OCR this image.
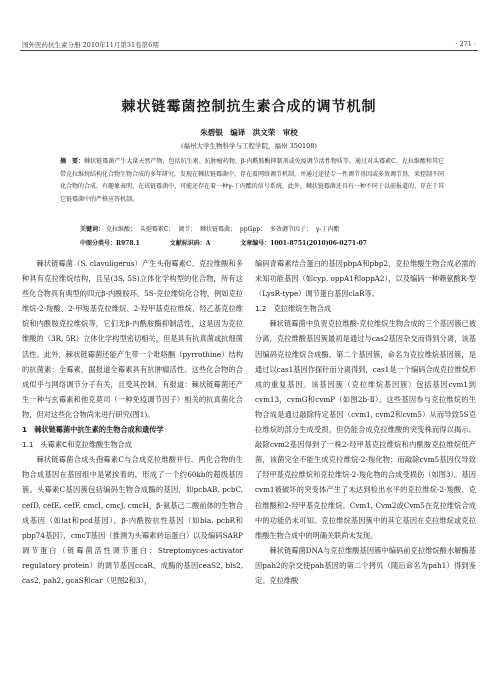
国外医药抗生素分册 2010年11月第31卷第6期	· 271 ·
棘状链霉菌控制抗生素合成的调节机制
朱碧银　编译　洪文荣　审校
(福州大学生物科学与工程学院，福州 350108)
摘　要：棘状链霉菌产生大量天然产物，包括抗生素、抗肿瘤药物、β-内酰胺酶抑制剂或免疫调节活性物质等。通过对头霉素C、克拉维酸和其它带克拉维烷结构化合物生物合成的多年研究，发现在棘状链霉菌中，存在着网络调节机制，并通过途径专一性调节基因或多效调节基，来控制不同化合物的合成，有趣象表明，在该链霉菌中，可能还存在着一种γ-丁内酯的信号系统，此外，棘状链霉菌还具有一种不同于以前报道的、存在于其它链霉菌中的严格应答机制。
关键词： 克拉维酸； 头孢霉素C； 调节； 棘状链霉菌； ppGpp； 多效调节因子； γ-丁内酯
中图分类号：R978.1	文献标识码：A	文章编号：1001-8751(2010)06-0271-07

棘状链霉菌（S. clavuligerus）产生头孢霉素C、克拉维酸和多种具有克拉维烷结构，且呈(3S, 5S)立体化学构型的化合物，所有这些化合物具有典型的四元β-内酰胺环。5S-克拉维烷化合物，例如克拉维烷-2-羧酸、2-甲羧基克拉维烷、2-羟甲基克拉维烷、羟乙基克拉维烷和内酰胺克拉维烷等，它们无β-内酰胺酶抑制活性，这是因为克拉维酸的（3R, 5R）立体化学构型密切相关，但是具有抗真菌或抗细菌活性。此外，棘状链霉菌还能产生带一个吡咯酮（pyrrothine）结构的抗菌素：全霉素，据报道全霉素具有抗肿瘤活性。这些化合物的合成似乎与网络调节分子有关，且受其控制。有报道：棘状链霉菌还产生一种与玄霉素和他克莫司（一种免疫调节因子）相关的抗真菌化合物，但对这些化合物尚未进行研究(图1)。

1　棘状链霉菌中抗生素的生物合成和遗传学

1.1　头霉素C和克拉维酸生物合成

棘状链霉菌合成头孢霉素C与合成克拉维酸并行。两化合物的生物合成基因在基因组中是紧挨着的，形成了一个约60kb的超级基因簇。头霉素C基因簇包括编码生物合成酶的基因，如pcbAB, pcbC, cefD, cefE, cefF, cmcI, cmcJ, cmcH，β-氨基己二酸前体的生物合成基因（如lat和pcd基因），β-内酰胺抗性基因（如bla, pcbR和pbp74基因），cmcT基因（推测为头霉素转运蛋白）以及编码SARP调节蛋白（链霉菌活性调节蛋白：Streptomyces-activator regulatory protein）的调节基因ccaR。成酶的基因ceaS2, bls2, cas2, pah2, gcaS和car（见图2和3），

编码青霉素结合蛋白的基因pbpA和pbp2，克拉维酸生物合成必需的未知功能基因（如cyp, oppA1和oppA2），以及编码一种赖氨酸R-型（LysR-type）调节蛋白基因claR等。

1.2　克拉维烷生物合成

棘状链霉菌中负责克拉维酸-克拉维烷生物合成的三个基因簇已被分离，克拉维酸基因簇最初是通过与cas2基因杂交而得到分离，该基因编码克拉维烷合成酶。第二个基因簇，命名为克拉维烷基因簇，是通过以cas1基因作探针而分离得到，cas1是一个编码合成克拉维烷形成的重复基因。该基因簇（克拉维烷基因簇）包括基因cvm1到cvm13，cvmG和cvmP（如图2b-Ⅱ）。这些基因参与克拉维烷的生物合成是通过敲除特定基因（cvm1, cvm2和cvm5）从而导致5S克拉维烷的部分生成受损，但仍能合成克拉维酸的突变株而得以揭示。敲除cvm2基因得到了一株2-羟甲基克拉维烷和内酰胺克拉维烷低产菌，该菌完全不能生成克拉维烷-2-羧化物；而敲除cvm5基因仅导致了羟甲基克拉维烷和克拉维烷-2-羧化物的合成受损伤（如图3）。基因cvm1被破坏的突变体产生了未达到检出水平的克拉维烷-2-羧酸、克拉维酸和2-羟甲基克拉维烷。Cvm1, Cvm2或Cvm5在克拉维烷合成中的功能仍未可知。克拉维烷基因簇中的其它基因在克拉维烷或克拉维酸生物合成中的明确关联尚未发现。

棘状链霉菌DNA与克拉维酸基因簇中编码前克拉维烷酸水解酶基因pah2的杂交使pah基因的第二个拷贝（随后命名为pah1）得到鉴定。克拉维酸
